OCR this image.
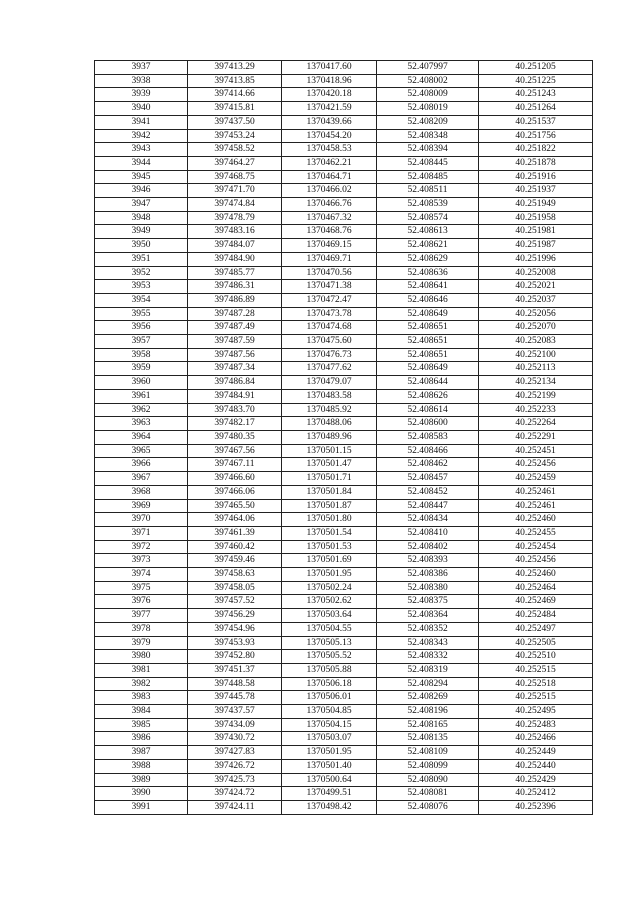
3937	397413.29	1370417.60	52.407997	40.251205
3938	397413.85	1370418.96	52.408002	40.251225
3939	397414.66	1370420.18	52.408009	40.251243
3940	397415.81	1370421.59	52.408019	40.251264
3941	397437.50	1370439.66	52.408209	40.251537
3942	397453.24	1370454.20	52.408348	40.251756
3943	397458.52	1370458.53	52.408394	40.251822
3944	397464.27	1370462.21	52.408445	40.251878
3945	397468.75	1370464.71	52.408485	40.251916
3946	397471.70	1370466.02	52.408511	40.251937
3947	397474.84	1370466.76	52.408539	40.251949
3948	397478.79	1370467.32	52.408574	40.251958
3949	397483.16	1370468.76	52.408613	40.251981
3950	397484.07	1370469.15	52.408621	40.251987
3951	397484.90	1370469.71	52.408629	40.251996
3952	397485.77	1370470.56	52.408636	40.252008
3953	397486.31	1370471.38	52.408641	40.252021
3954	397486.89	1370472.47	52.408646	40.252037
3955	397487.28	1370473.78	52.408649	40.252056
3956	397487.49	1370474.68	52.408651	40.252070
3957	397487.59	1370475.60	52.408651	40.252083
3958	397487.56	1370476.73	52.408651	40.252100
3959	397487.34	1370477.62	52.408649	40.252113
3960	397486.84	1370479.07	52.408644	40.252134
3961	397484.91	1370483.58	52.408626	40.252199
3962	397483.70	1370485.92	52.408614	40.252233
3963	397482.17	1370488.06	52.408600	40.252264
3964	397480.35	1370489.96	52.408583	40.252291
3965	397467.56	1370501.15	52.408466	40.252451
3966	397467.11	1370501.47	52.408462	40.252456
3967	397466.60	1370501.71	52.408457	40.252459
3968	397466.06	1370501.84	52.408452	40.252461
3969	397465.50	1370501.87	52.408447	40.252461
3970	397464.06	1370501.80	52.408434	40.252460
3971	397461.39	1370501.54	52.408410	40.252455
3972	397460.42	1370501.53	52.408402	40.252454
3973	397459.46	1370501.69	52.408393	40.252456
3974	397458.63	1370501.95	52.408386	40.252460
3975	397458.05	1370502.24	52.408380	40.252464
3976	397457.52	1370502.62	52.408375	40.252469
3977	397456.29	1370503.64	52.408364	40.252484
3978	397454.96	1370504.55	52.408352	40.252497
3979	397453.93	1370505.13	52.408343	40.252505
3980	397452.80	1370505.52	52.408332	40.252510
3981	397451.37	1370505.88	52.408319	40.252515
3982	397448.58	1370506.18	52.408294	40.252518
3983	397445.78	1370506.01	52.408269	40.252515
3984	397437.57	1370504.85	52.408196	40.252495
3985	397434.09	1370504.15	52.408165	40.252483
3986	397430.72	1370503.07	52.408135	40.252466
3987	397427.83	1370501.95	52.408109	40.252449
3988	397426.72	1370501.40	52.408099	40.252440
3989	397425.73	1370500.64	52.408090	40.252429
3990	397424.72	1370499.51	52.408081	40.252412
3991	397424.11	1370498.42	52.408076	40.252396
